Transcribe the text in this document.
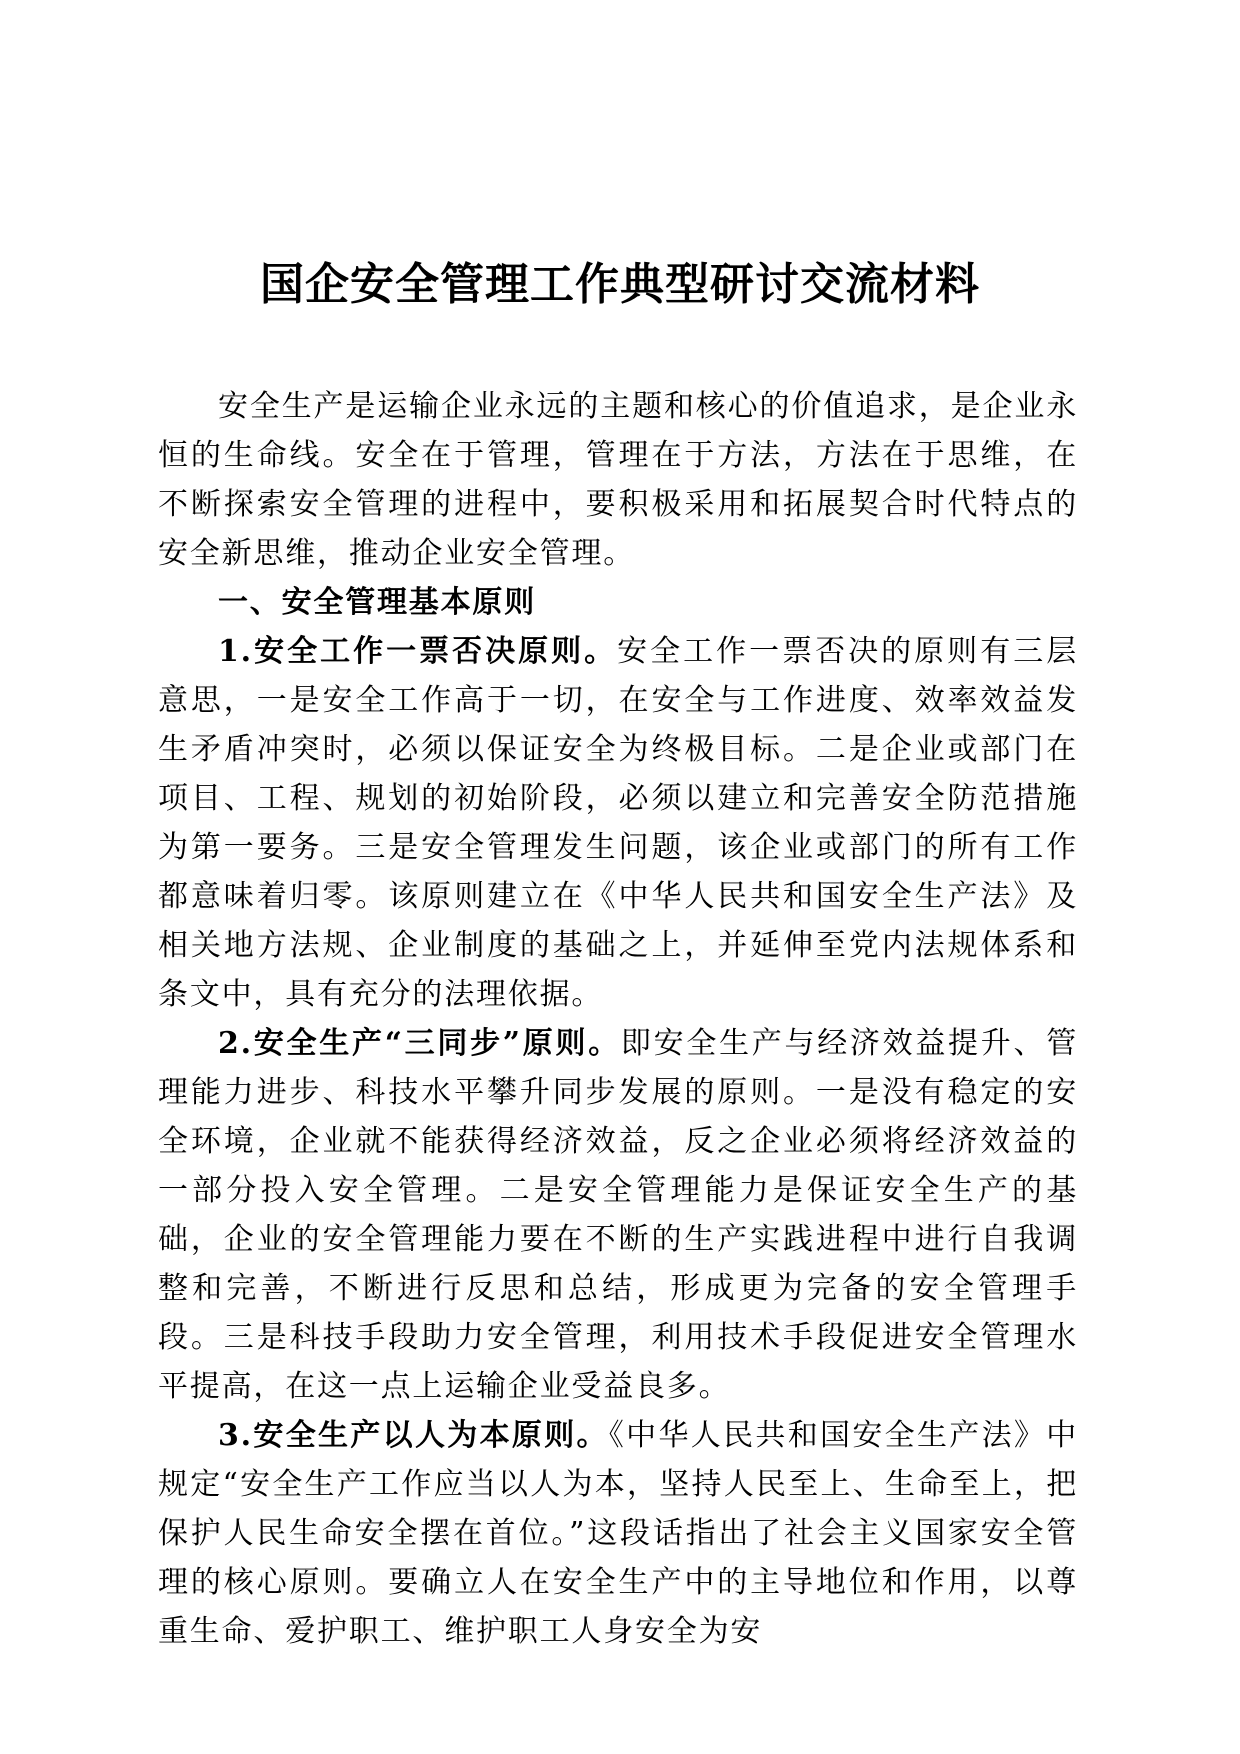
国企安全管理工作典型研讨交流材料

安全生产是运输企业永远的主题和核心的价值追求，是企业永恒的生命线。安全在于管理，管理在于方法，方法在于思维，在不断探索安全管理的进程中，要积极采用和拓展契合时代特点的安全新思维，推动企业安全管理。

一、安全管理基本原则

1.安全工作一票否决原则。安全工作一票否决的原则有三层意思，一是安全工作高于一切，在安全与工作进度、效率效益发生矛盾冲突时，必须以保证安全为终极目标。二是企业或部门在项目、工程、规划的初始阶段，必须以建立和完善安全防范措施为第一要务。三是安全管理发生问题，该企业或部门的所有工作都意味着归零。该原则建立在《中华人民共和国安全生产法》及相关地方法规、企业制度的基础之上，并延伸至党内法规体系和条文中，具有充分的法理依据。

2.安全生产“三同步”原则。即安全生产与经济效益提升、管理能力进步、科技水平攀升同步发展的原则。一是没有稳定的安全环境，企业就不能获得经济效益，反之企业必须将经济效益的一部分投入安全管理。二是安全管理能力是保证安全生产的基础，企业的安全管理能力要在不断的生产实践进程中进行自我调整和完善，不断进行反思和总结，形成更为完备的安全管理手段。三是科技手段助力安全管理，利用技术手段促进安全管理水平提高，在这一点上运输企业受益良多。

3.安全生产以人为本原则。《中华人民共和国安全生产法》中规定“安全生产工作应当以人为本，坚持人民至上、生命至上，把保护人民生命安全摆在首位。”这段话指出了社会主义国家安全管理的核心原则。要确立人在安全生产中的主导地位和作用，以尊重生命、爱护职工、维护职工人身安全为安
